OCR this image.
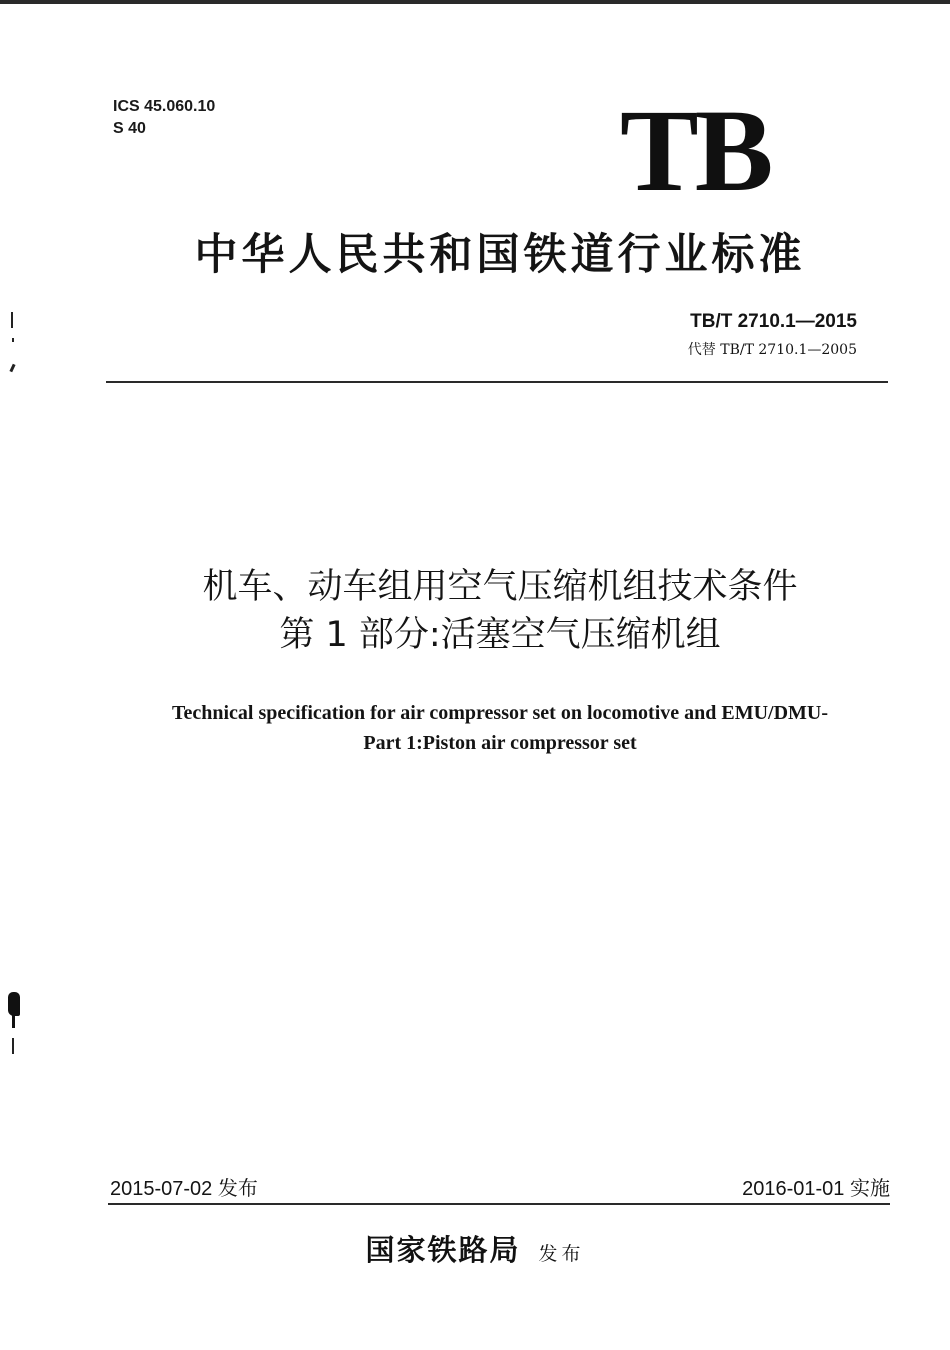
ICS 45.060.10
S 40	TB
中华人民共和国铁道行业标准
TB/T 2710.1—2015
代替 TB/T 2710.1—2005
机车、动车组用空气压缩机组技术条件
第 1 部分:活塞空气压缩机组
Technical specification for air compressor set on locomotive and EMU/DMU-
Part 1:Piston air compressor set
2015-07-02 发布	2016-01-01 实施
国家铁路局 发布
